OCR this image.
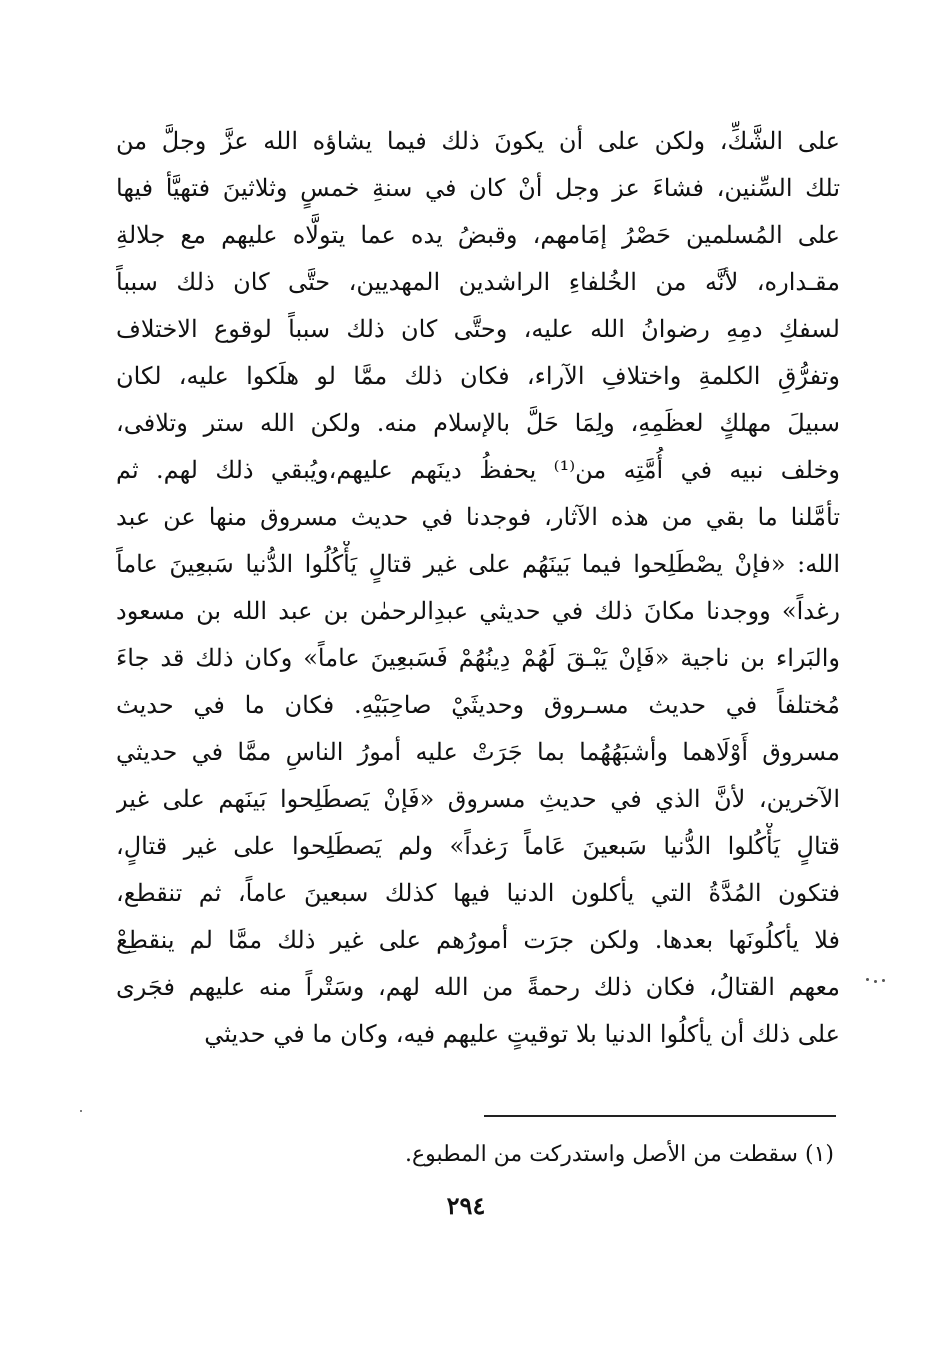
على الشَّكِّ، ولكن على أن يكونَ ذلك فيما يشاؤه الله عزَّ وجلَّ من
تلك السِّنين، فشاءَ عز وجل أنْ كان في سنةِ خمسٍ وثلاثينَ فتهيَّأ فيها
على المُسلمين حَصْرُ إمَامهم، وقبضُ يده عما يتولَّاه عليهم مع جلالةِ
مقـداره، لأنَّه من الخُلفاءِ الراشدين المهديين، حتَّى كان ذلك سبباً
لسفكِ دمِهِ رضوانُ الله عليه، وحتَّى كان ذلك سبباً لوقوع الاختلاف
وتفرُّقِ الكلمةِ واختلافِ الآراء، فكان ذلك ممَّا لو هلَكوا عليه، لكان
سبيلَ مهلكٍ لعظَمِهِ، ولِمَا حَلَّ بالإسلام منه. ولكن الله ستر وتلافى،
وخلف نبيه في أُمَّتِه من⁽¹⁾ يحفظُ دينَهم عليهم،ويُبقي ذلك لهم. ثم
تأمَّلنا ما بقي من هذه الآثار، فوجدنا في حديث مسروق منها عن عبد
الله: «فإنْ يصْطَلِحوا فيما بَينَهُم على غير قتالٍ يَأْكُلُوا الدُّنيا سَبعِينَ عاماً
رغداً» ووجدنا مكانَ ذلك في حديثي عبدِالرحمٰن بن عبد الله بن مسعود
والبَراء بن ناجية «فَإنْ يَبْـقَ لَهُمْ دِينُهُمْ فَسَبعِينَ عاماً» وكان ذلك قد جاءَ
مُختلفاً في حديث مسـروق وحديثَيْ صاحِبَيْهِ. فكان ما في حديث
مسروق أَوْلَاهما وأشبَهُهُما بما جَرَتْ عليه أمورُ الناسِ ممَّا في حديثي
الآخرين، لأنَّ الذي في حديثِ مسروق «فَإنْ يَصطَلِحوا بَينَهم على غير
قتالٍ يَأْكُلوا الدُّنيا سَبعينَ عَاماً رَغداً» ولم يَصطَلِحوا على غير قتالٍ،
فتكون المُدَّةُ التي يأكلون الدنيا فيها كذلك سبعينَ عاماً، ثم تنقطع،
فلا يأكلُونَها بعدها. ولكن جرَت أمورُهم على غير ذلك ممَّا لم ينقطِعْ
معهم القتالُ، فكان ذلك رحمةً من الله لهم، وسَتْراً منه عليهم فجَرى
على ذلك أن يأكلُوا الدنيا بلا توقيتٍ عليهم فيه، وكان ما في حديثي
(١) سقطت من الأصل واستدركت من المطبوع.
٢٩٤
